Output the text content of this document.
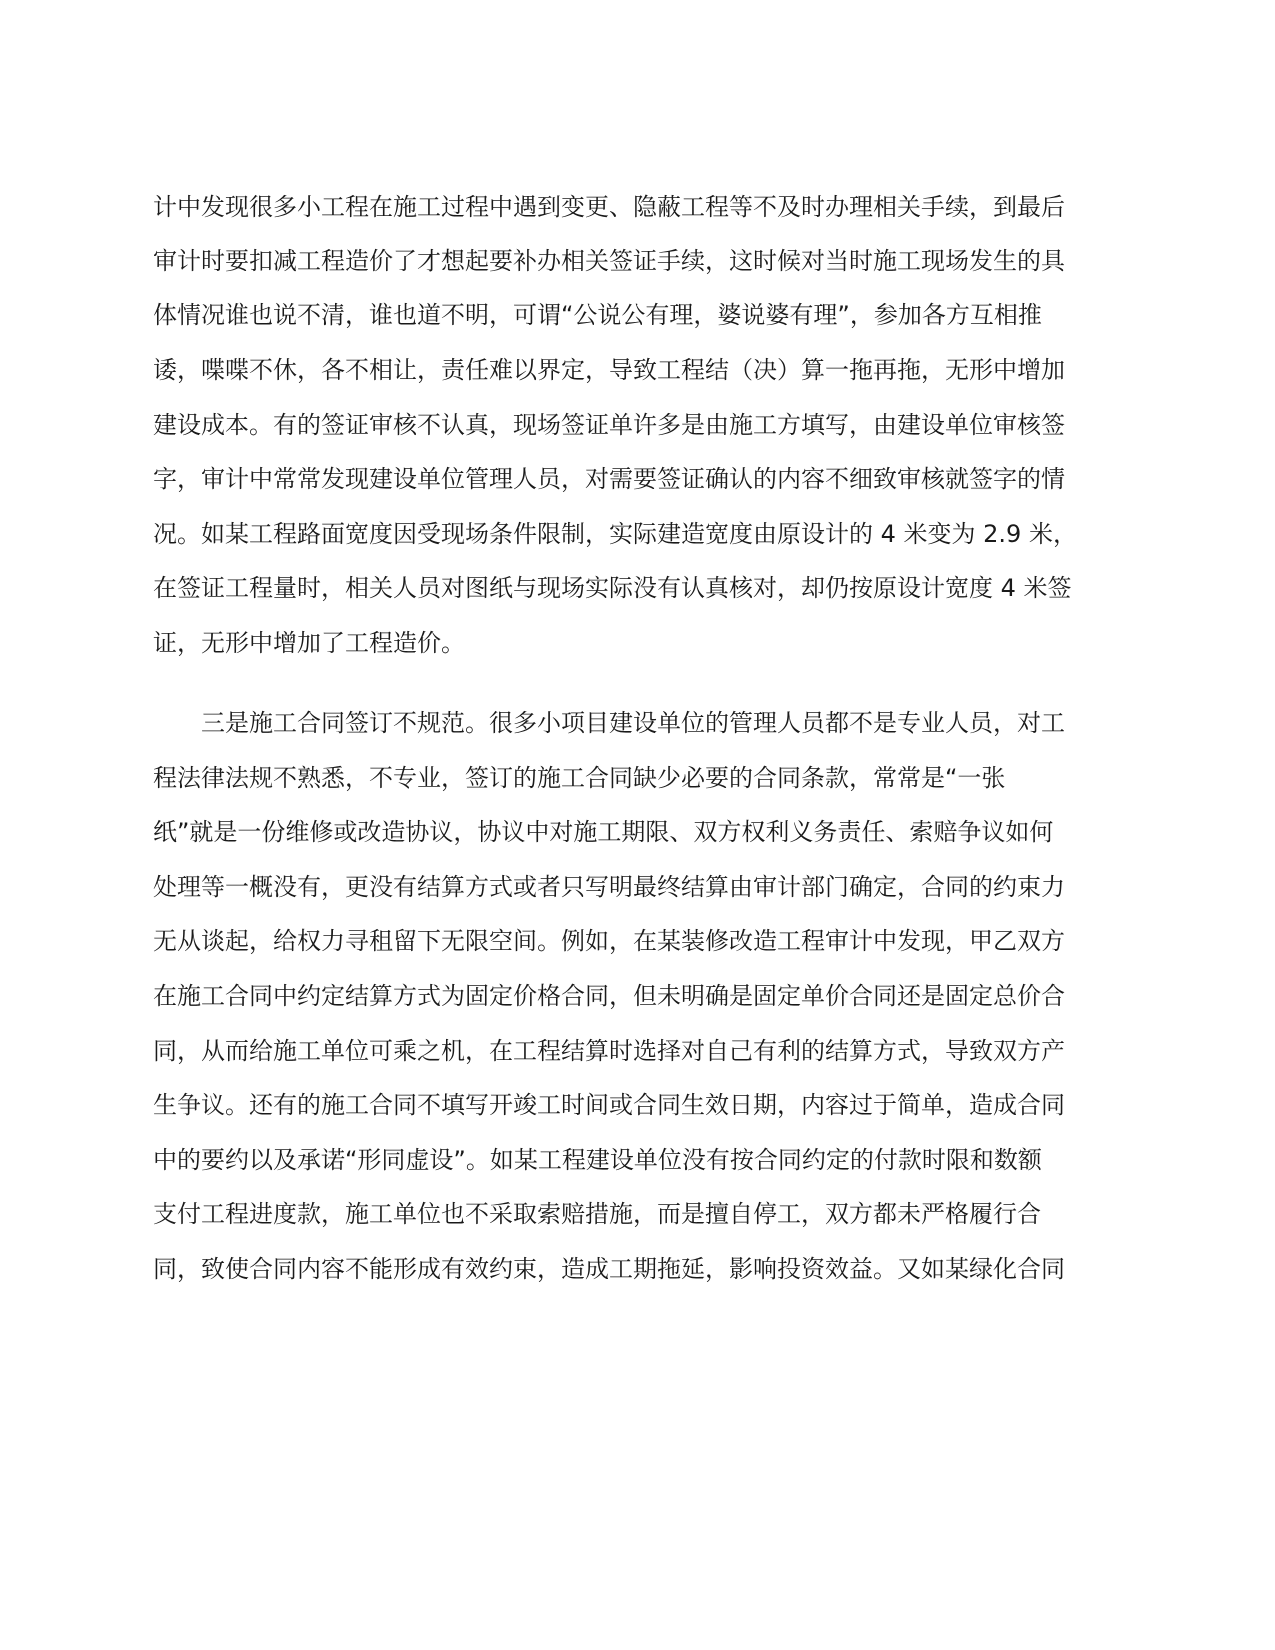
计中发现很多小工程在施工过程中遇到变更、隐蔽工程等不及时办理相关手续，到最后
审计时要扣减工程造价了才想起要补办相关签证手续，这时候对当时施工现场发生的具
体情况谁也说不清，谁也道不明，可谓“公说公有理，婆说婆有理”，参加各方互相推
诿，喋喋不休，各不相让，责任难以界定，导致工程结（决）算一拖再拖，无形中增加
建设成本。有的签证审核不认真，现场签证单许多是由施工方填写，由建设单位审核签
字，审计中常常发现建设单位管理人员，对需要签证确认的内容不细致审核就签字的情
况。如某工程路面宽度因受现场条件限制，实际建造宽度由原设计的 4 米变为 2.9 米，
在签证工程量时，相关人员对图纸与现场实际没有认真核对，却仍按原设计宽度 4 米签
证，无形中增加了工程造价。
三是施工合同签订不规范。很多小项目建设单位的管理人员都不是专业人员，对工
程法律法规不熟悉，不专业，签订的施工合同缺少必要的合同条款，常常是“一张
纸”就是一份维修或改造协议，协议中对施工期限、双方权利义务责任、索赔争议如何
处理等一概没有，更没有结算方式或者只写明最终结算由审计部门确定，合同的约束力
无从谈起，给权力寻租留下无限空间。例如，在某装修改造工程审计中发现，甲乙双方
在施工合同中约定结算方式为固定价格合同，但未明确是固定单价合同还是固定总价合
同，从而给施工单位可乘之机，在工程结算时选择对自己有利的结算方式，导致双方产
生争议。还有的施工合同不填写开竣工时间或合同生效日期，内容过于简单，造成合同
中的要约以及承诺“形同虚设”。如某工程建设单位没有按合同约定的付款时限和数额
支付工程进度款，施工单位也不采取索赔措施，而是擅自停工，双方都未严格履行合
同，致使合同内容不能形成有效约束，造成工期拖延，影响投资效益。又如某绿化合同
